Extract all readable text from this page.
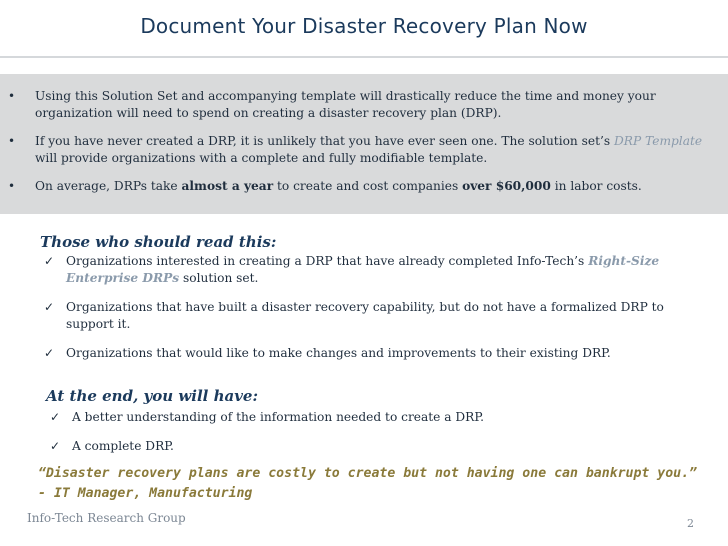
Document Your Disaster Recovery Plan Now
• Using this Solution Set and accompanying template will drastically reduce the time and money your organization will need to spend on creating a disaster recovery plan (DRP).
• If you have never created a DRP, it is unlikely that you have ever seen one. The solution set’s DRP Template will provide organizations with a complete and fully modifiable template.
• On average, DRPs take almost a year to create and cost companies over $60,000 in labor costs.
Those who should read this:
✓ Organizations interested in creating a DRP that have already completed Info-Tech’s Right-Size Enterprise DRPs solution set.
✓ Organizations that have built a disaster recovery capability, but do not have a formalized DRP to support it.
✓ Organizations that would like to make changes and improvements to their existing DRP.
At the end, you will have:
✓ A better understanding of the information needed to create a DRP.
✓ A complete DRP.
“Disaster recovery plans are costly to create but not having one can bankrupt you.”
- IT Manager, Manufacturing
Info-Tech Research Group	2
